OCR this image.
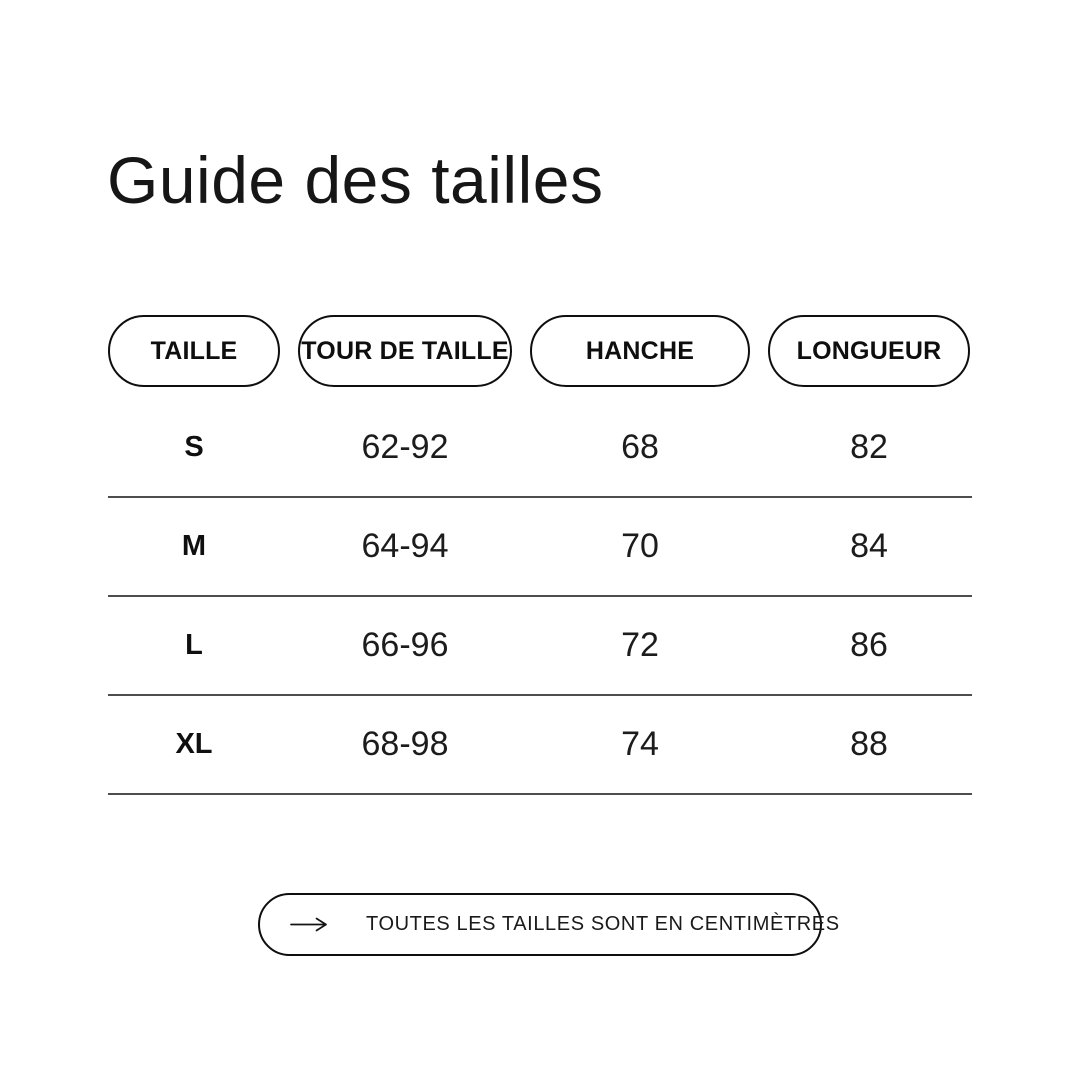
Guide des tailles
TAILLE	TOUR DE TAILLE	HANCHE	LONGUEUR
S	62-92	68	82
M	64-94	70	84
L	66-96	72	86
XL	68-98	74	88
TOUTES LES TAILLES SONT EN CENTIMÈTRES
